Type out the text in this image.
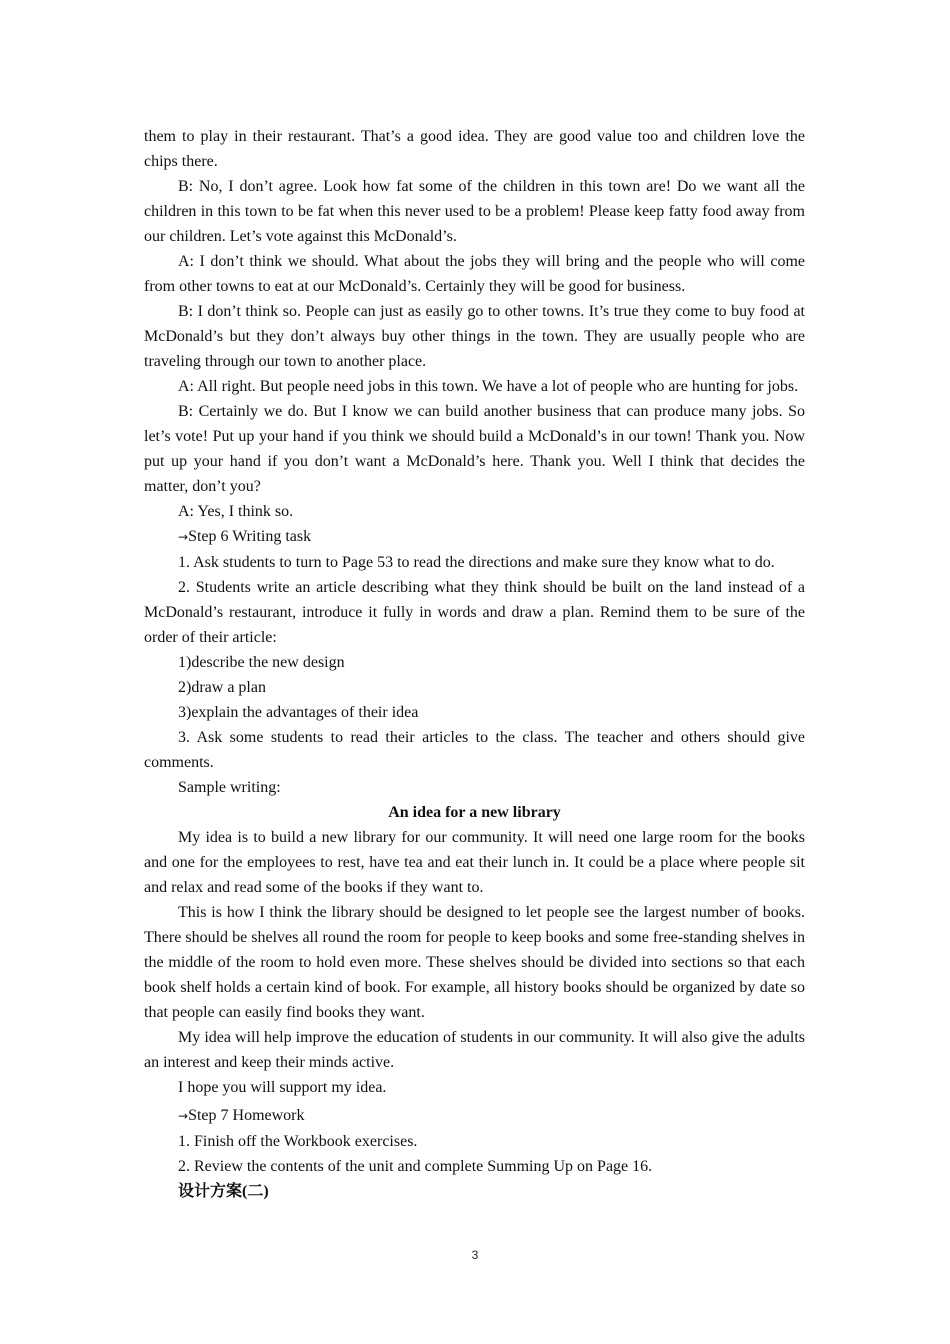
them to play in their restaurant. That’s a good idea. They are good value too and children love the chips there.

B: No, I don’t agree. Look how fat some of the children in this town are! Do we want all the children in this town to be fat when this never used to be a problem! Please keep fatty food away from our children. Let’s vote against this McDonald’s.

A: I don’t think we should. What about the jobs they will bring and the people who will come from other towns to eat at our McDonald’s. Certainly they will be good for business.

B: I don’t think so. People can just as easily go to other towns. It’s true they come to buy food at McDonald’s but they don’t always buy other things in the town. They are usually people who are traveling through our town to another place.

A: All right. But people need jobs in this town. We have a lot of people who are hunting for jobs.

B: Certainly we do. But I know we can build another business that can produce many jobs. So let’s vote! Put up your hand if you think we should build a McDonald’s in our town! Thank you. Now put up your hand if you don’t want a McDonald’s here. Thank you. Well I think that decides the matter, don’t you?

A: Yes, I think so.

→Step 6 Writing task

1. Ask students to turn to Page 53 to read the directions and make sure they know what to do.

2. Students write an article describing what they think should be built on the land instead of a McDonald’s restaurant, introduce it fully in words and draw a plan. Remind them to be sure of the order of their article:

1)describe the new design

2)draw a plan

3)explain the advantages of their idea

3. Ask some students to read their articles to the class. The teacher and others should give comments.

Sample writing:

An idea for a new library

My idea is to build a new library for our community. It will need one large room for the books and one for the employees to rest, have tea and eat their lunch in. It could be a place where people sit and relax and read some of the books if they want to.

This is how I think the library should be designed to let people see the largest number of books. There should be shelves all round the room for people to keep books and some free-standing shelves in the middle of the room to hold even more. These shelves should be divided into sections so that each book shelf holds a certain kind of book. For example, all history books should be organized by date so that people can easily find books they want.

My idea will help improve the education of students in our community. It will also give the adults an interest and keep their minds active.

I hope you will support my idea.

→Step 7 Homework

1. Finish off the Workbook exercises.

2. Review the contents of the unit and complete Summing Up on Page 16.

设计方案(二)

3
